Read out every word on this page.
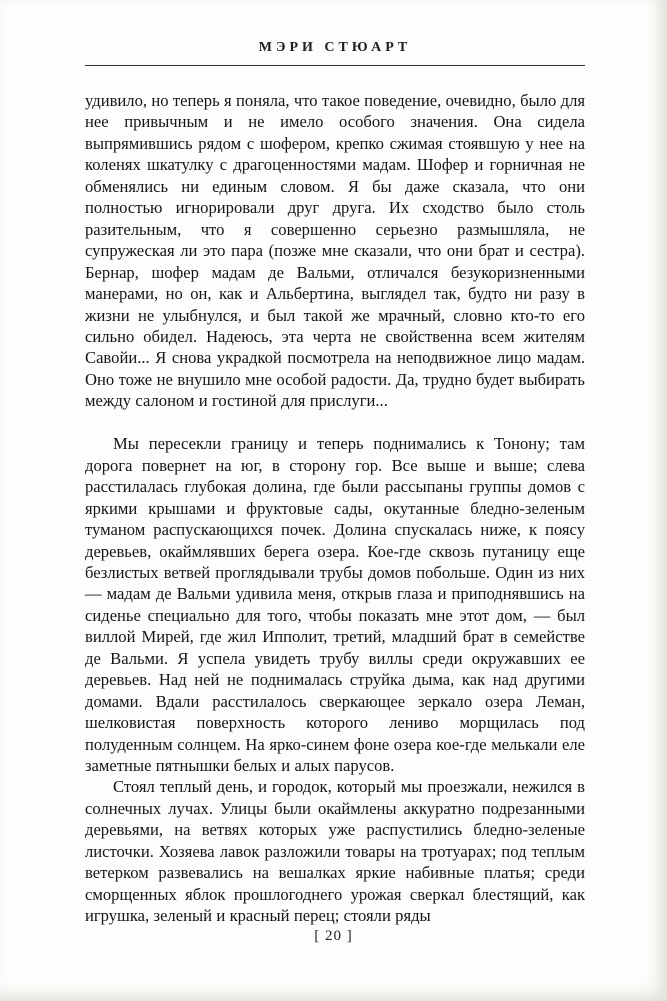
МЭРИ СТЮАРТ

удивило, но теперь я поняла, что такое поведение, очевидно, было для нее привычным и не имело особого значения. Она сидела выпрямившись рядом с шофером, крепко сжимая стоявшую у нее на коленях шкатулку с драгоценностями мадам. Шофер и горничная не обменялись ни единым словом. Я бы даже сказала, что они полностью игнорировали друг друга. Их сходство было столь разительным, что я совершенно серьезно размышляла, не супружеская ли это пара (позже мне сказали, что они брат и сестра). Бернар, шофер мадам де Вальми, отличался безукоризненными манерами, но он, как и Альбертина, выглядел так, будто ни разу в жизни не улыбнулся, и был такой же мрачный, словно кто-то его сильно обидел. Надеюсь, эта черта не свойственна всем жителям Савойи... Я снова украдкой посмотрела на неподвижное лицо мадам. Оно тоже не внушило мне особой радости. Да, трудно будет выбирать между салоном и гостиной для прислуги...

Мы пересекли границу и теперь поднимались к Тонону; там дорога повернет на юг, в сторону гор. Все выше и выше; слева расстилалась глубокая долина, где были рассыпаны группы домов с яркими крышами и фруктовые сады, окутанные бледно-зеленым туманом распускающихся почек. Долина спускалась ниже, к поясу деревьев, окаймлявших берега озера. Кое-где сквозь путаницу еще безлистых ветвей проглядывали трубы домов побольше. Один из них — мадам де Вальми удивила меня, открыв глаза и приподнявшись на сиденье специально для того, чтобы показать мне этот дом, — был виллой Мирей, где жил Ипполит, третий, младший брат в семействе де Вальми. Я успела увидеть трубу виллы среди окружавших ее деревьев. Над ней не поднималась струйка дыма, как над другими домами. Вдали расстилалось сверкающее зеркало озера Леман, шелковистая поверхность которого лениво морщилась под полуденным солнцем. На ярко-синем фоне озера кое-где мелькали еле заметные пятнышки белых и алых парусов.

Стоял теплый день, и городок, который мы проезжали, нежился в солнечных лучах. Улицы были окаймлены аккуратно подрезанными деревьями, на ветвях которых уже распустились бледно-зеленые листочки. Хозяева лавок разложили товары на тротуарах; под теплым ветерком развевались на вешалках яркие набивные платья; среди сморщенных яблок прошлогоднего урожая сверкал блестящий, как игрушка, зеленый и красный перец; стояли ряды

[ 20 ]
